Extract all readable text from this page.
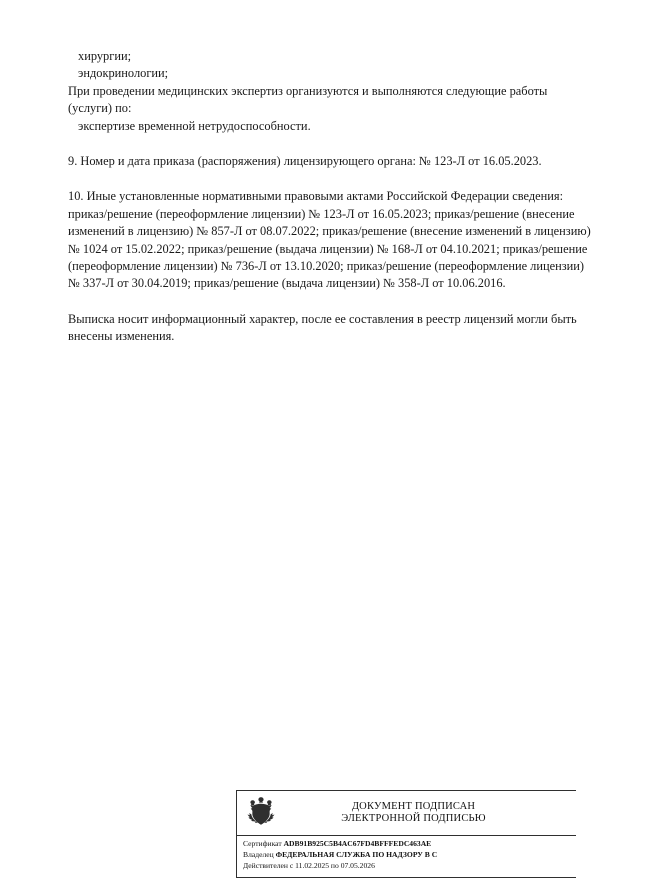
хирургии;

эндокринологии;

При проведении медицинских экспертиз организуются и выполняются следующие работы (услуги) по:

экспертизе временной нетрудоспособности.

9. Номер и дата приказа (распоряжения) лицензирующего органа: № 123-Л от 16.05.2023.

10. Иные установленные нормативными правовыми актами Российской Федерации сведения: приказ/решение (переоформление лицензии) № 123-Л от 16.05.2023; приказ/решение (внесение изменений в лицензию) № 857-Л от 08.07.2022; приказ/решение (внесение изменений в лицензию) № 1024 от 15.02.2022; приказ/решение (выдача лицензии) № 168-Л от 04.10.2021; приказ/решение (переоформление лицензии) № 736-Л от 13.10.2020; приказ/решение (переоформление лицензии) № 337-Л от 30.04.2019; приказ/решение (выдача лицензии) № 358-Л от 10.06.2016.

Выписка носит информационный характер, после ее составления в реестр лицензий могли быть внесены изменения.

ДОКУМЕНТ ПОДПИСАН
ЭЛЕКТРОННОЙ ПОДПИСЬЮ
Сертификат ADB91B925C5B4AC67FD4BFFFEDC463AE
Владелец ФЕДЕРАЛЬНАЯ СЛУЖБА ПО НАДЗОРУ В С
Действителен с 11.02.2025 по 07.05.2026
